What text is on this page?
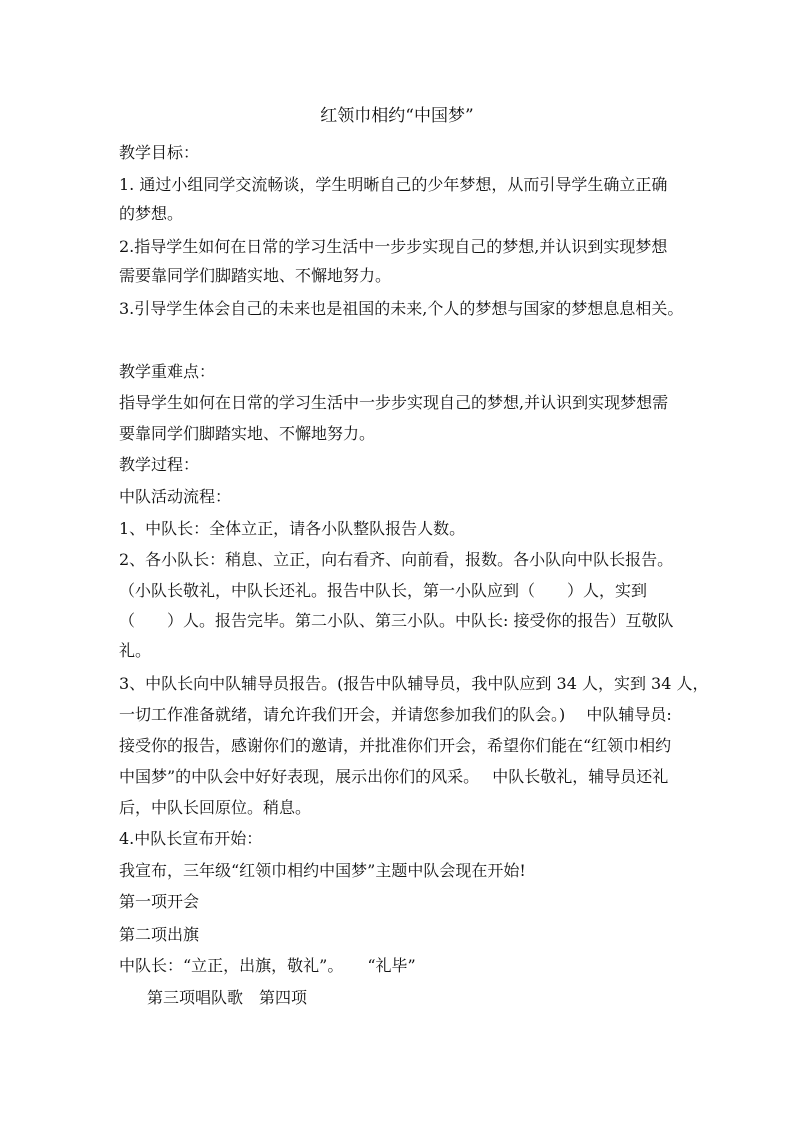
红领巾相约“中国梦”
教学目标：
1. 通过小组同学交流畅谈，学生明晰自己的少年梦想，从而引导学生确立正确
的梦想。
2.指导学生如何在日常的学习生活中一步步实现自己的梦想,并认识到实现梦想
需要靠同学们脚踏实地、不懈地努力。
3.引导学生体会自己的未来也是祖国的未来,个人的梦想与国家的梦想息息相关。
教学重难点：
指导学生如何在日常的学习生活中一步步实现自己的梦想,并认识到实现梦想需
要靠同学们脚踏实地、不懈地努力。
教学过程：
中队活动流程：
1、中队长：全体立正，请各小队整队报告人数。
2、各小队长：稍息、立正，向右看齐、向前看，报数。各小队向中队长报告。
（小队长敬礼，中队长还礼。报告中队长，第一小队应到（　　）人，实到
（　　）人。报告完毕。第二小队、第三小队。中队长: 接受你的报告）互敬队
礼。
3、中队长向中队辅导员报告。(报告中队辅导员，我中队应到 34 人，实到 34 人，
一切工作准备就绪，请允许我们开会，并请您参加我们的队会。)　 中队辅导员:
接受你的报告，感谢你们的邀请，并批准你们开会，希望你们能在“红领巾相约
中国梦”的中队会中好好表现，展示出你们的风采。　 中队长敬礼，辅导员还礼
后，中队长回原位。稍息。
4.中队长宣布开始：
我宣布，三年级“红领巾相约中国梦”主题中队会现在开始!
第一项开会
第二项出旗
中队长：“立正，出旗，敬礼”。　　“礼毕”
第三项唱队歌　第四项
